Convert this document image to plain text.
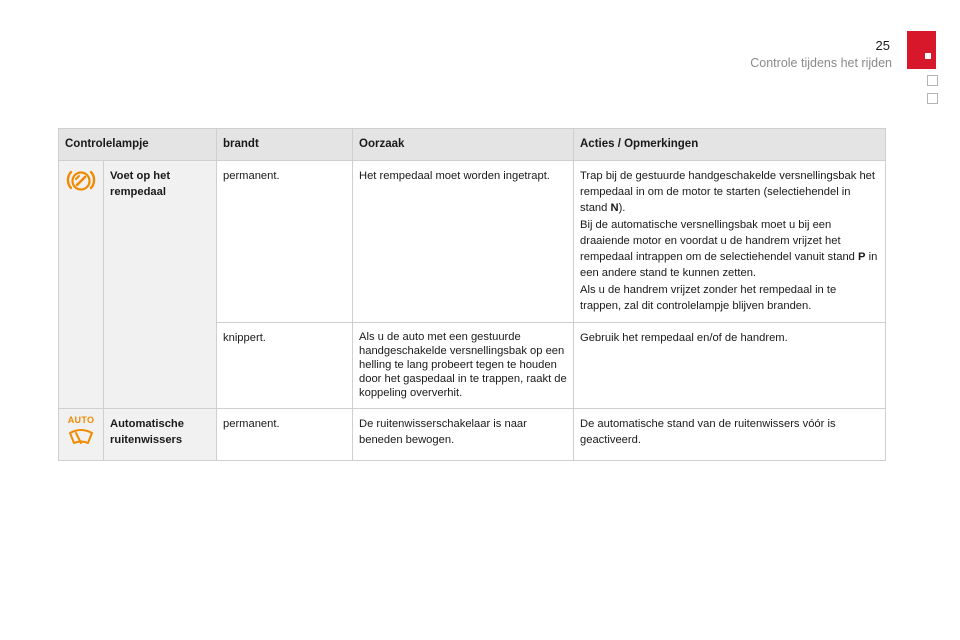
25
Controle tijdens het rijden
Controlelampje		brandt	Oorzaak	Acties / Opmerkingen
	Voet op het rempedaal	permanent.	Het rempedaal moet worden ingetrapt.	Trap bij de gestuurde handgeschakelde versnellingsbak het rempedaal in om de motor te starten (selectiehendel in stand N).
Bij de automatische versnellingsbak moet u bij een draaiende motor en voordat u de handrem vrijzet het rempedaal intrappen om de selectiehendel vanuit stand P in een andere stand te kunnen zetten.
Als u de handrem vrijzet zonder het rempedaal in te trappen, zal dit controlelampje blijven branden.

		knippert.	Als u de auto met een gestuurde handgeschakelde versnellingsbak op een helling te lang probeert tegen te houden door het gaspedaal in te trappen, raakt de koppeling oververhit.	Gebruik het rempedaal en/of de handrem.

AUTO	Automatische ruitenwissers	permanent.	De ruitenwisserschakelaar is naar beneden bewogen.	De automatische stand van de ruitenwissers vóór is geactiveerd.
